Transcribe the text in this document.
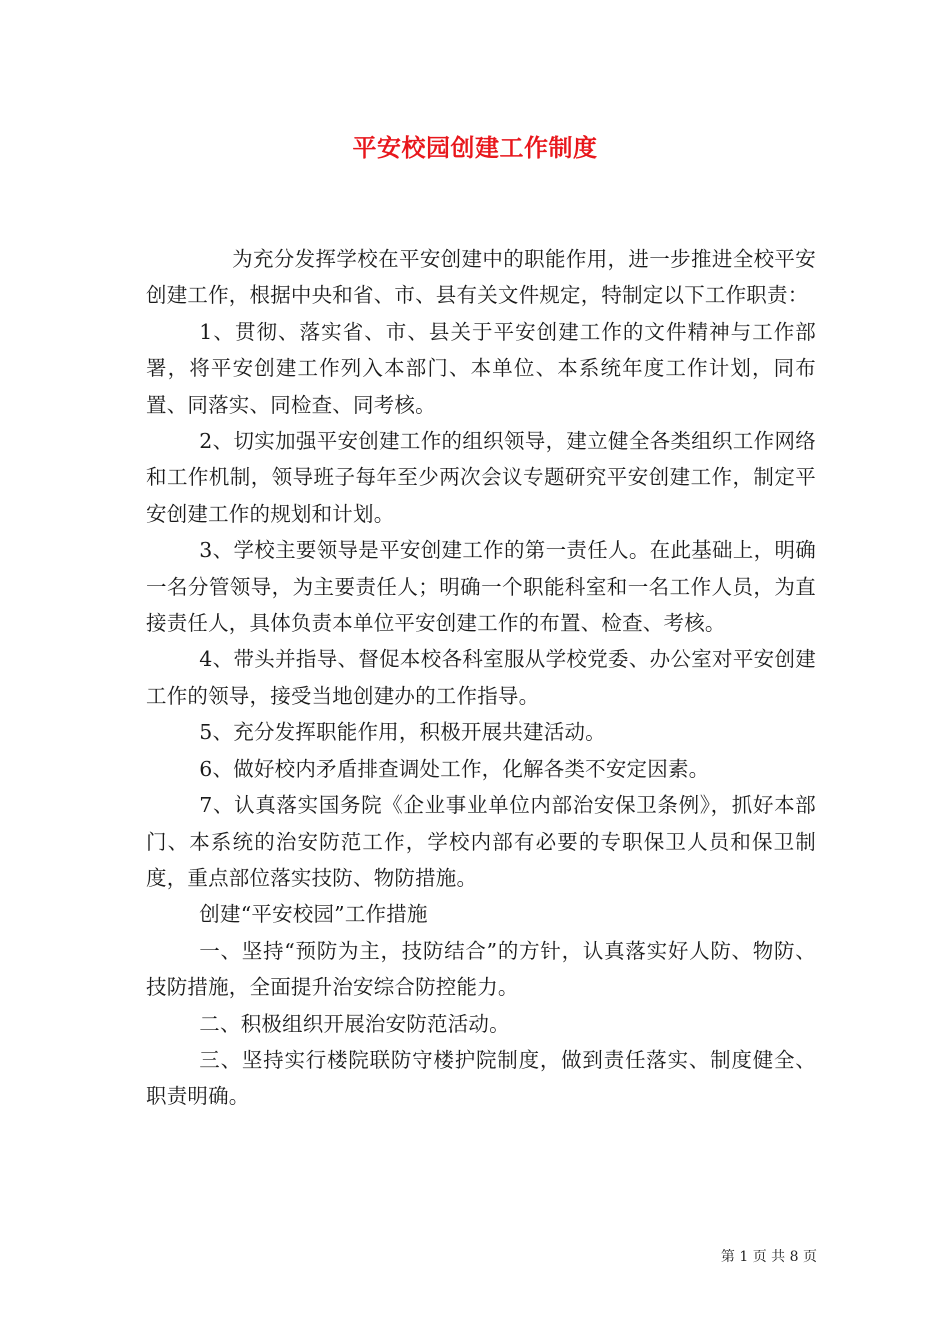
平安校园创建工作制度

为充分发挥学校在平安创建中的职能作用，进一步推进全校平安创建工作，根据中央和省、市、县有关文件规定，特制定以下工作职责：

1、贯彻、落实省、市、县关于平安创建工作的文件精神与工作部署，将平安创建工作列入本部门、本单位、本系统年度工作计划，同布置、同落实、同检查、同考核。

2、切实加强平安创建工作的组织领导，建立健全各类组织工作网络和工作机制，领导班子每年至少两次会议专题研究平安创建工作，制定平安创建工作的规划和计划。

3、学校主要领导是平安创建工作的第一责任人。在此基础上，明确一名分管领导，为主要责任人；明确一个职能科室和一名工作人员，为直接责任人，具体负责本单位平安创建工作的布置、检查、考核。

4、带头并指导、督促本校各科室服从学校党委、办公室对平安创建工作的领导，接受当地创建办的工作指导。

5、充分发挥职能作用，积极开展共建活动。

6、做好校内矛盾排查调处工作，化解各类不安定因素。

7、认真落实国务院《企业事业单位内部治安保卫条例》，抓好本部门、本系统的治安防范工作，学校内部有必要的专职保卫人员和保卫制度，重点部位落实技防、物防措施。

创建“平安校园”工作措施

一、坚持“预防为主，技防结合”的方针，认真落实好人防、物防、技防措施，全面提升治安综合防控能力。

二、积极组织开展治安防范活动。

三、坚持实行楼院联防守楼护院制度，做到责任落实、制度健全、职责明确。

第 1 页 共 8 页
